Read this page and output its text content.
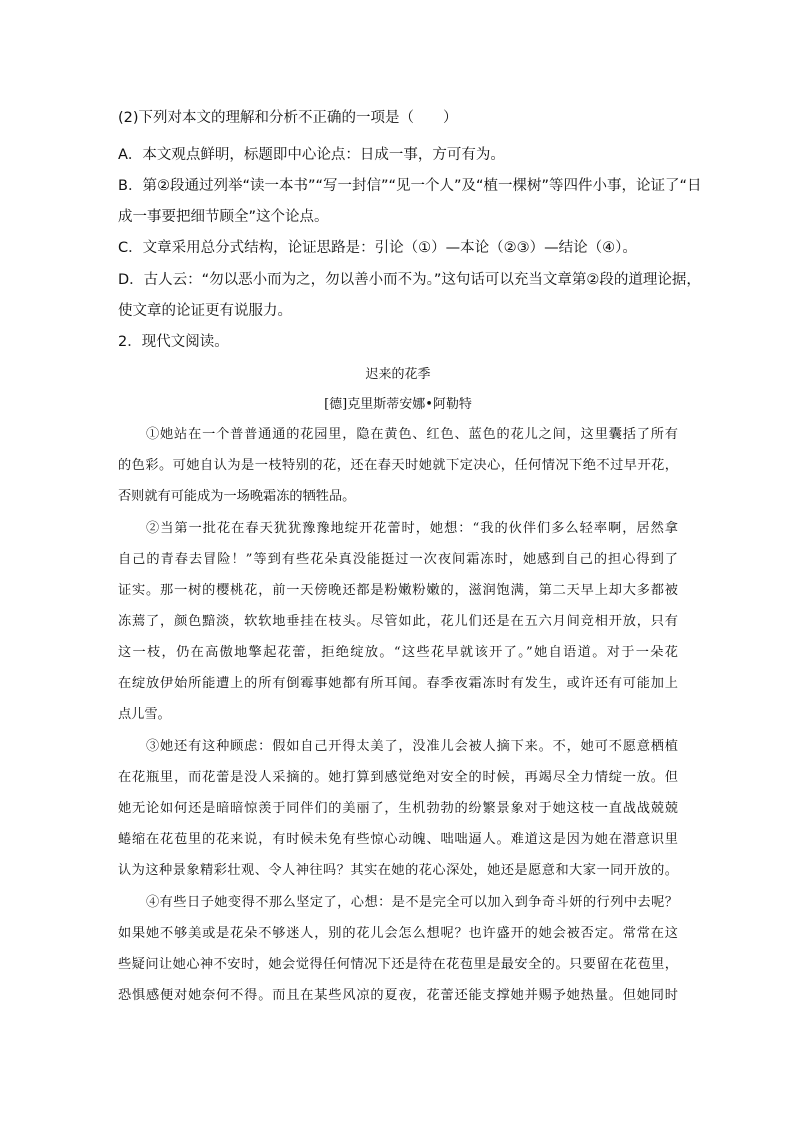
(2)下列对本文的理解和分析不正确的一项是（　　）
A．本文观点鲜明，标题即中心论点：日成一事，方可有为。
B．第②段通过列举“读一本书”“写一封信”“见一个人”及“植一棵树”等四件小事，论证了“日
成一事要把细节顾全”这个论点。
C．文章采用总分式结构，论证思路是：引论（①）—本论（②③）—结论（④）。
D．古人云：“勿以恶小而为之，勿以善小而不为。”这句话可以充当文章第②段的道理论据，
使文章的论证更有说服力。
2．现代文阅读。
迟来的花季
[德]克里斯蒂安娜•阿勒特
①她站在一个普普通通的花园里，隐在黄色、红色、蓝色的花儿之间，这里囊括了所有
的色彩。可她自认为是一枝特别的花，还在春天时她就下定决心，任何情况下绝不过早开花，
否则就有可能成为一场晚霜冻的牺牲品。
②当第一批花在春天犹犹豫豫地绽开花蕾时，她想：“我的伙伴们多么轻率啊，居然拿
自己的青春去冒险！”等到有些花朵真没能挺过一次夜间霜冻时，她感到自己的担心得到了
证实。那一树的樱桃花，前一天傍晚还都是粉嫩粉嫩的，滋润饱满，第二天早上却大多都被
冻蔫了，颜色黯淡，软软地垂挂在枝头。尽管如此，花儿们还是在五六月间竞相开放，只有
这一枝，仍在高傲地擎起花蕾，拒绝绽放。“这些花早就该开了。”她自语道。对于一朵花
在绽放伊始所能遭上的所有倒霉事她都有所耳闻。春季夜霜冻时有发生，或许还有可能加上
点儿雪。
③她还有这种顾虑：假如自己开得太美了，没准儿会被人摘下来。不，她可不愿意栖植
在花瓶里，而花蕾是没人采摘的。她打算到感觉绝对安全的时候，再竭尽全力情绽一放。但
她无论如何还是暗暗惊羡于同伴们的美丽了，生机勃勃的纷繁景象对于她这枝一直战战兢兢
蜷缩在花苞里的花来说，有时候未免有些惊心动魄、咄咄逼人。难道这是因为她在潜意识里
认为这种景象精彩壮观、令人神往吗？其实在她的花心深处，她还是愿意和大家一同开放的。
④有些日子她变得不那么坚定了，心想：是不是完全可以加入到争奇斗妍的行列中去呢？
如果她不够美或是花朵不够迷人，别的花儿会怎么想呢？也许盛开的她会被否定。常常在这
些疑问让她心神不安时，她会觉得任何情况下还是待在花苞里是最安全的。只要留在花苞里，
恐惧感便对她奈何不得。而且在某些风凉的夏夜，花蕾还能支撑她并赐予她热量。但她同时
